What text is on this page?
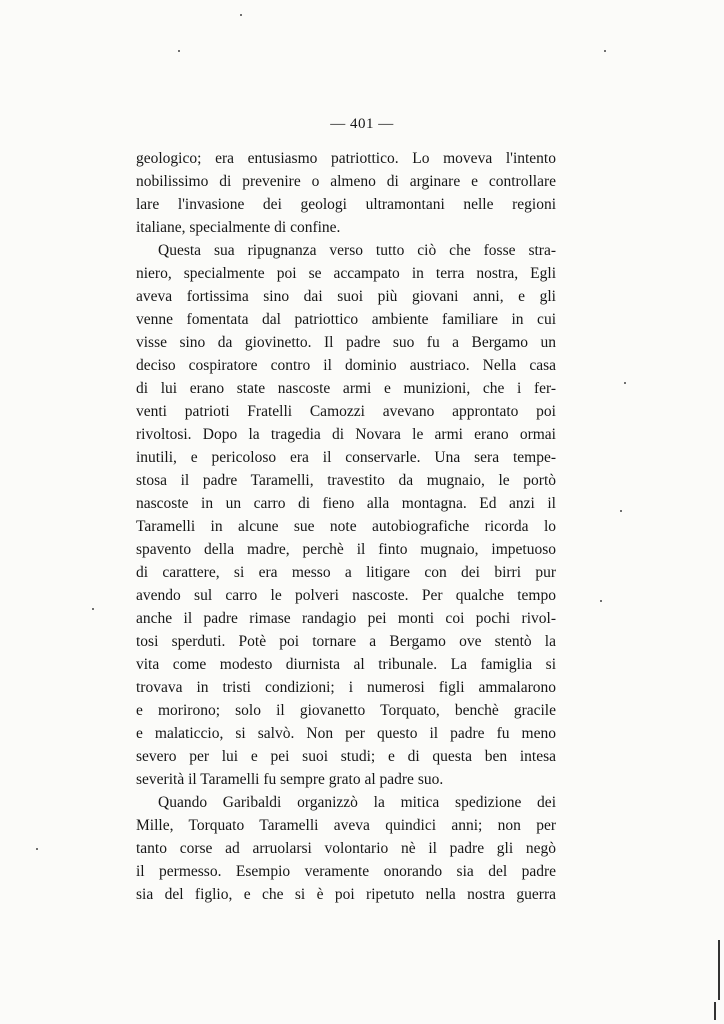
— 401 —
geologico; era entusiasmo patriottico. Lo moveva l'intento
nobilissimo di prevenire o almeno di arginare e controllare
lare l'invasione dei geologi ultramontani nelle regioni
italiane, specialmente di confine.
Questa sua ripugnanza verso tutto ciò che fosse stra-
niero, specialmente poi se accampato in terra nostra, Egli
aveva fortissima sino dai suoi più giovani anni, e gli
venne fomentata dal patriottico ambiente familiare in cui
visse sino da giovinetto. Il padre suo fu a Bergamo un
deciso cospiratore contro il dominio austriaco. Nella casa
di lui erano state nascoste armi e munizioni, che i fer-
venti patrioti Fratelli Camozzi avevano approntato poi
rivoltosi. Dopo la tragedia di Novara le armi erano ormai
inutili, e pericoloso era il conservarle. Una sera tempe-
stosa il padre Taramelli, travestito da mugnaio, le portò
nascoste in un carro di fieno alla montagna. Ed anzi il
Taramelli in alcune sue note autobiografiche ricorda lo
spavento della madre, perchè il finto mugnaio, impetuoso
di carattere, si era messo a litigare con dei birri pur
avendo sul carro le polveri nascoste. Per qualche tempo
anche il padre rimase randagio pei monti coi pochi rivol-
tosi sperduti. Potè poi tornare a Bergamo ove stentò la
vita come modesto diurnista al tribunale. La famiglia si
trovava in tristi condizioni; i numerosi figli ammalarono
e morirono; solo il giovanetto Torquato, benchè gracile
e malaticcio, si salvò. Non per questo il padre fu meno
severo per lui e pei suoi studi; e di questa ben intesa
severità il Taramelli fu sempre grato al padre suo.
Quando Garibaldi organizzò la mitica spedizione dei
Mille, Torquato Taramelli aveva quindici anni; non per
tanto corse ad arruolarsi volontario nè il padre gli negò
il permesso. Esempio veramente onorando sia del padre
sia del figlio, e che si è poi ripetuto nella nostra guerra
